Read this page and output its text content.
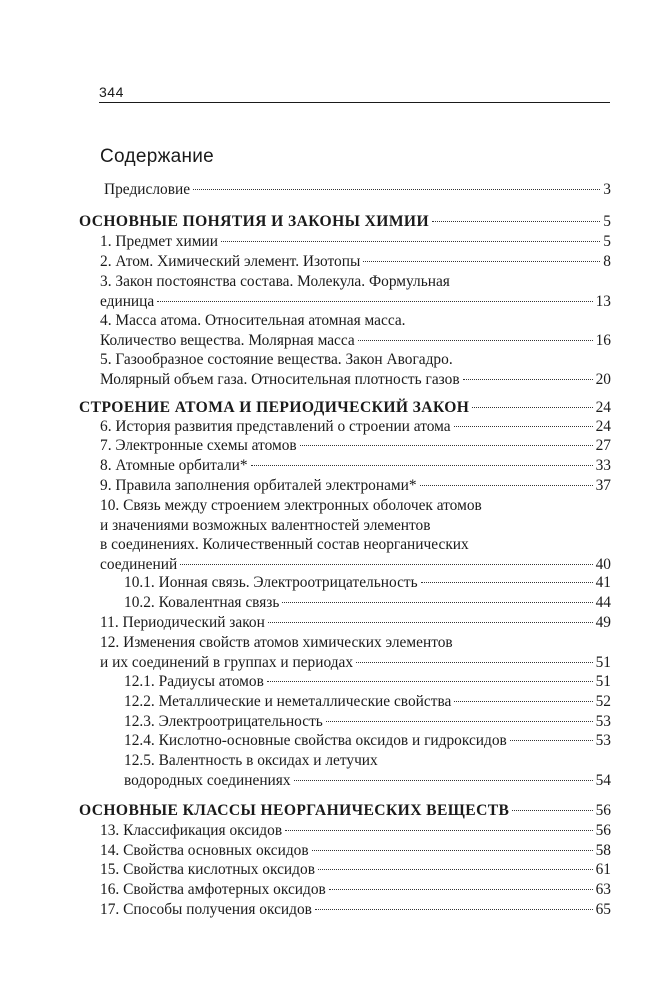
344
Содержание
Предисловие	3
ОСНОВНЫЕ ПОНЯТИЯ И ЗАКОНЫ ХИМИИ	5
1. Предмет химии	5
2. Атом. Химический элемент. Изотопы	8
3. Закон постоянства состава. Молекула. Формульная
единица	13
4. Масса атома. Относительная атомная масса.
Количество вещества. Молярная масса	16
5. Газообразное состояние вещества. Закон Авогадро.
Молярный объем газа. Относительная плотность газов	20
СТРОЕНИЕ АТОМА И ПЕРИОДИЧЕСКИЙ ЗАКОН	24
6. История развития представлений о строении атома	24
7. Электронные схемы атомов	27
8. Атомные орбитали*	33
9. Правила заполнения орбиталей электронами*	37
10. Связь между строением электронных оболочек атомов
и значениями возможных валентностей элементов
в соединениях. Количественный состав неорганических
соединений	40
10.1. Ионная связь. Электроотрицательность	41
10.2. Ковалентная связь	44
11. Периодический закон	49
12. Изменения свойств атомов химических элементов
и их соединений в группах и периодах	51
12.1. Радиусы атомов	51
12.2. Металлические и неметаллические свойства	52
12.3. Электроотрицательность	53
12.4. Кислотно-основные свойства оксидов и гидроксидов	53
12.5. Валентность в оксидах и летучих
водородных соединениях	54
ОСНОВНЫЕ КЛАССЫ НЕОРГАНИЧЕСКИХ ВЕЩЕСТВ	56
13. Классификация оксидов	56
14. Свойства основных оксидов	58
15. Свойства кислотных оксидов	61
16. Свойства амфотерных оксидов	63
17. Способы получения оксидов	65
